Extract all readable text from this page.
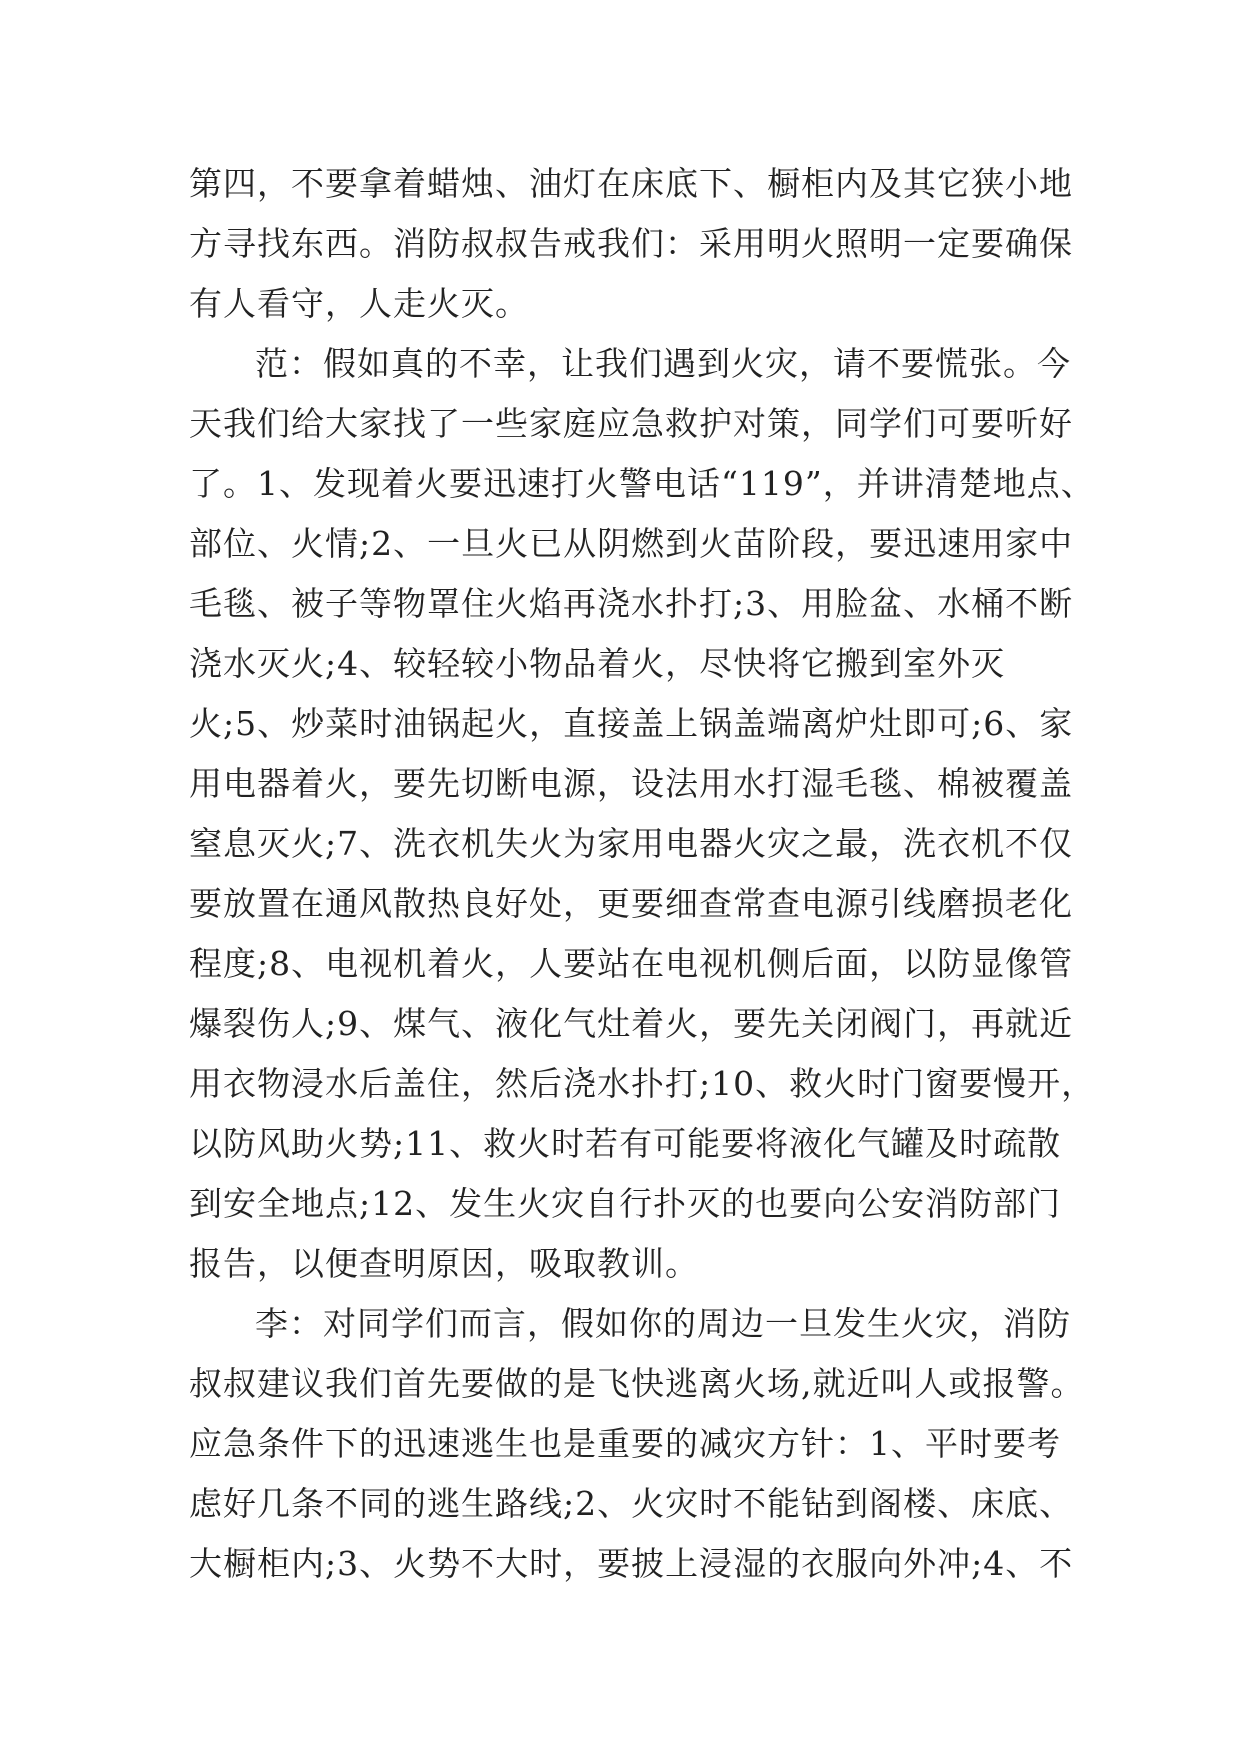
第四，不要拿着蜡烛、油灯在床底下、橱柜内及其它狭小地
方寻找东西。消防叔叔告戒我们：采用明火照明一定要确保
有人看守，人走火灭。
范：假如真的不幸，让我们遇到火灾，请不要慌张。今
天我们给大家找了一些家庭应急救护对策，同学们可要听好
了。1、发现着火要迅速打火警电话“119”，并讲清楚地点、
部位、火情;2、一旦火已从阴燃到火苗阶段，要迅速用家中
毛毯、被子等物罩住火焰再浇水扑打;3、用脸盆、水桶不断
浇水灭火;4、较轻较小物品着火，尽快将它搬到室外灭
火;5、炒菜时油锅起火，直接盖上锅盖端离炉灶即可;6、家
用电器着火，要先切断电源，设法用水打湿毛毯、棉被覆盖
窒息灭火;7、洗衣机失火为家用电器火灾之最，洗衣机不仅
要放置在通风散热良好处，更要细查常查电源引线磨损老化
程度;8、电视机着火，人要站在电视机侧后面，以防显像管
爆裂伤人;9、煤气、液化气灶着火，要先关闭阀门，再就近
用衣物浸水后盖住，然后浇水扑打;10、救火时门窗要慢开，
以防风助火势;11、救火时若有可能要将液化气罐及时疏散
到安全地点;12、发生火灾自行扑灭的也要向公安消防部门
报告，以便查明原因，吸取教训。
李：对同学们而言，假如你的周边一旦发生火灾，消防
叔叔建议我们首先要做的是飞快逃离火场,就近叫人或报警。
应急条件下的迅速逃生也是重要的减灾方针：1、平时要考
虑好几条不同的逃生路线;2、火灾时不能钻到阁楼、床底、
大橱柜内;3、火势不大时，要披上浸湿的衣服向外冲;4、不
